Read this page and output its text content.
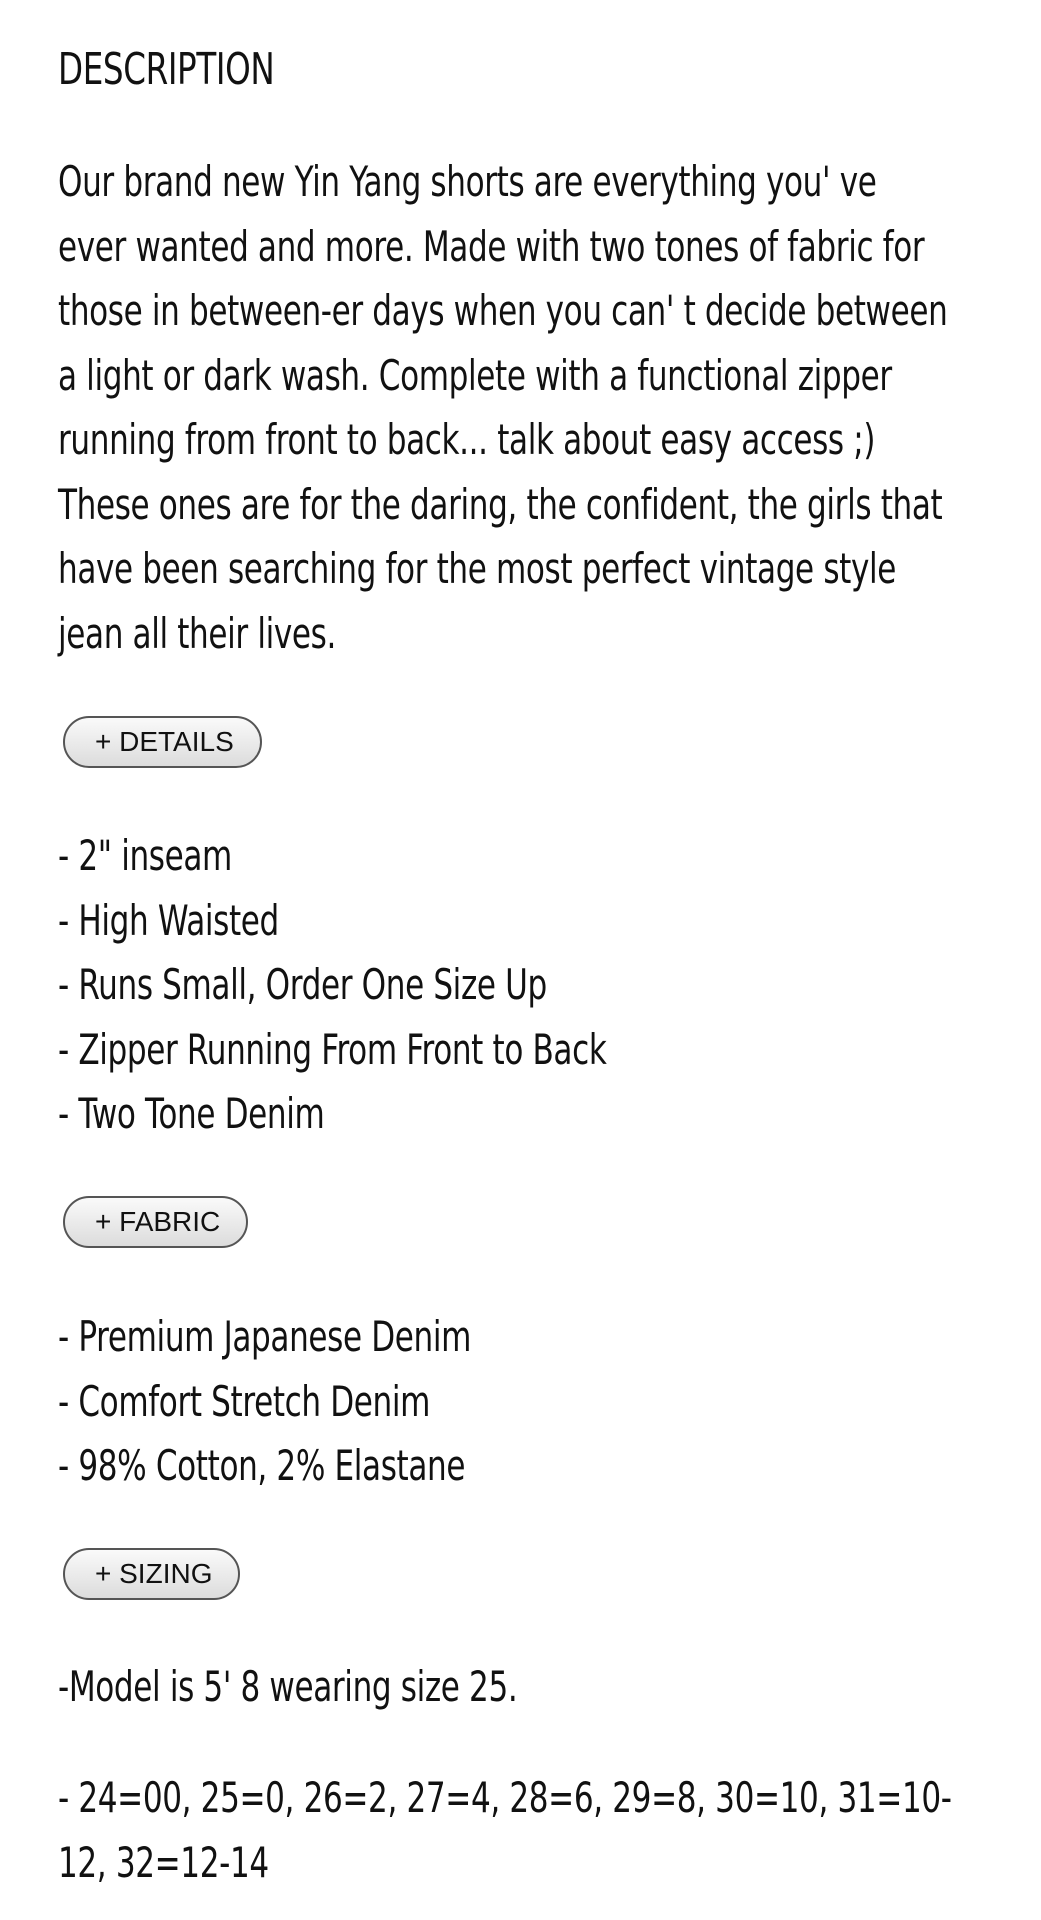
DESCRIPTION
Our brand new Yin Yang shorts are everything you' ve ever wanted and more. Made with two tones of fabric for those in between-er days when you can' t decide between a light or dark wash. Complete with a functional zipper running from front to back... talk about easy access ;) These ones are for the daring, the confident, the girls that have been searching for the most perfect vintage style jean all their lives.
+ DETAILS
- 2" inseam
- High Waisted
- Runs Small, Order One Size Up
- Zipper Running From Front to Back
- Two Tone Denim
+ FABRIC
- Premium Japanese Denim
- Comfort Stretch Denim
- 98% Cotton, 2% Elastane
+ SIZING
-Model is 5' 8 wearing size 25.
- 24=00, 25=0, 26=2, 27=4, 28=6, 29=8, 30=10, 31=10-12, 32=12-14
